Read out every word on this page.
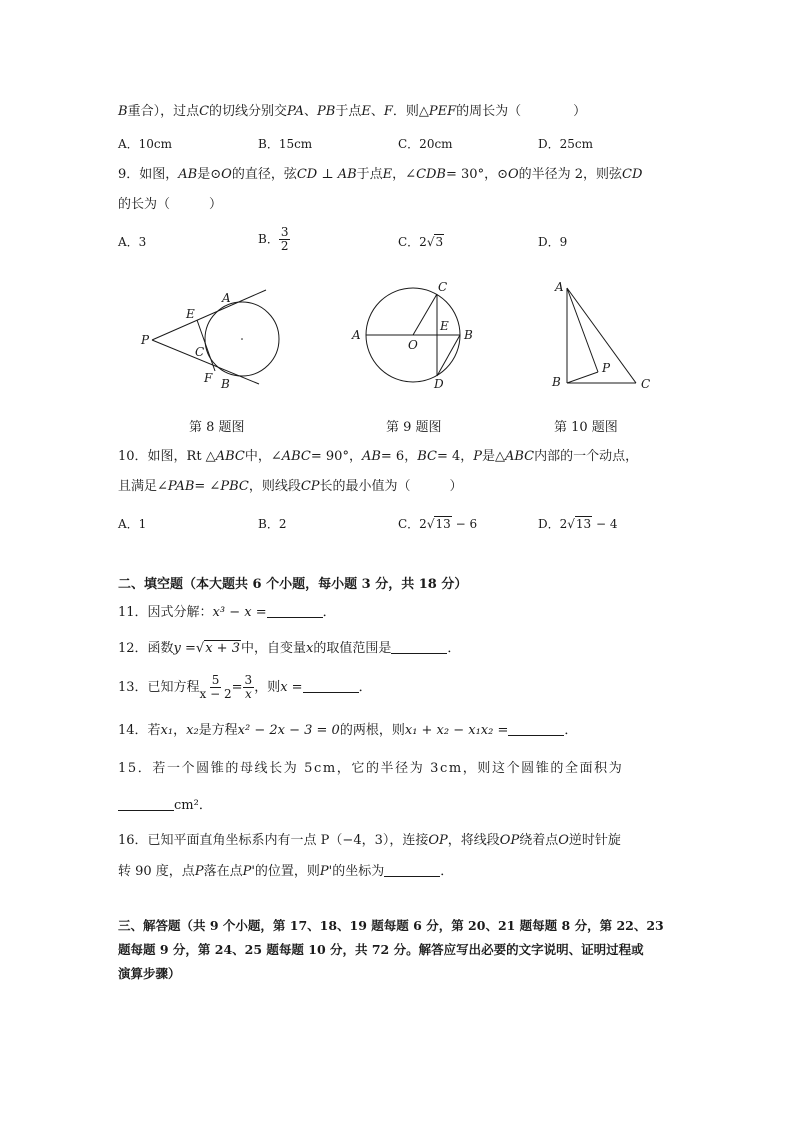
B重合），过点C的切线分别交PA、PB于点E、F．则△PEF的周长为（　　　　）
A．10cm	B．15cm	C．20cm	D．25cm
9．如图，AB是⊙O的直径，弦CD ⊥ AB于点E，∠CDB= 30°，⊙O的半径为 2，则弦CD
的长为（　　　）
A．3	B． $\frac{3}{2}$	C．2√3	D．9
A
E
P
C
F B
第 8 题图
C
A
E
B
O
D
第 9 题图
A
P
B	C
第 10 题图
10．如图，Rt △ABC中，∠ABC= 90°，AB= 6，BC= 4，P是△ABC内部的一个动点，
且满足∠PAB= ∠PBC，则线段CP长的最小值为（　　　）
A．1	B．2	C．2√13 − 6	D．2√13 − 4
二、填空题（本大题共 6 个小题，每小题 3 分，共 18 分）
11．因式分解：x³ − x =	．
12．函数y =√x + 3中，自变量x的取值范围是	．
13．已知方程 $\frac{5}{x - 2} = \frac{3}{x}$ ，则x =	．
14．若x₁，x₂是方程x² − 2x − 3 = 0的两根，则x₁ + x₂ − x₁x₂ =	．
15．若一个圆锥的母线长为 5cm，它的半径为 3cm，则这个圆锥的全面积为
cm²．
16．已知平面直角坐标系内有一点 P（−4，3），连接OP，将线段OP绕着点O逆时针旋
转 90 度，点P落在点P'的位置，则P'的坐标为	．
三、解答题（共 9 个小题，第 17、18、19 题每题 6 分，第 20、21 题每题 8 分，第 22、23
题每题 9 分，第 24、25 题每题 10 分，共 72 分。解答应写出必要的文字说明、证明过程或
演算步骤）
